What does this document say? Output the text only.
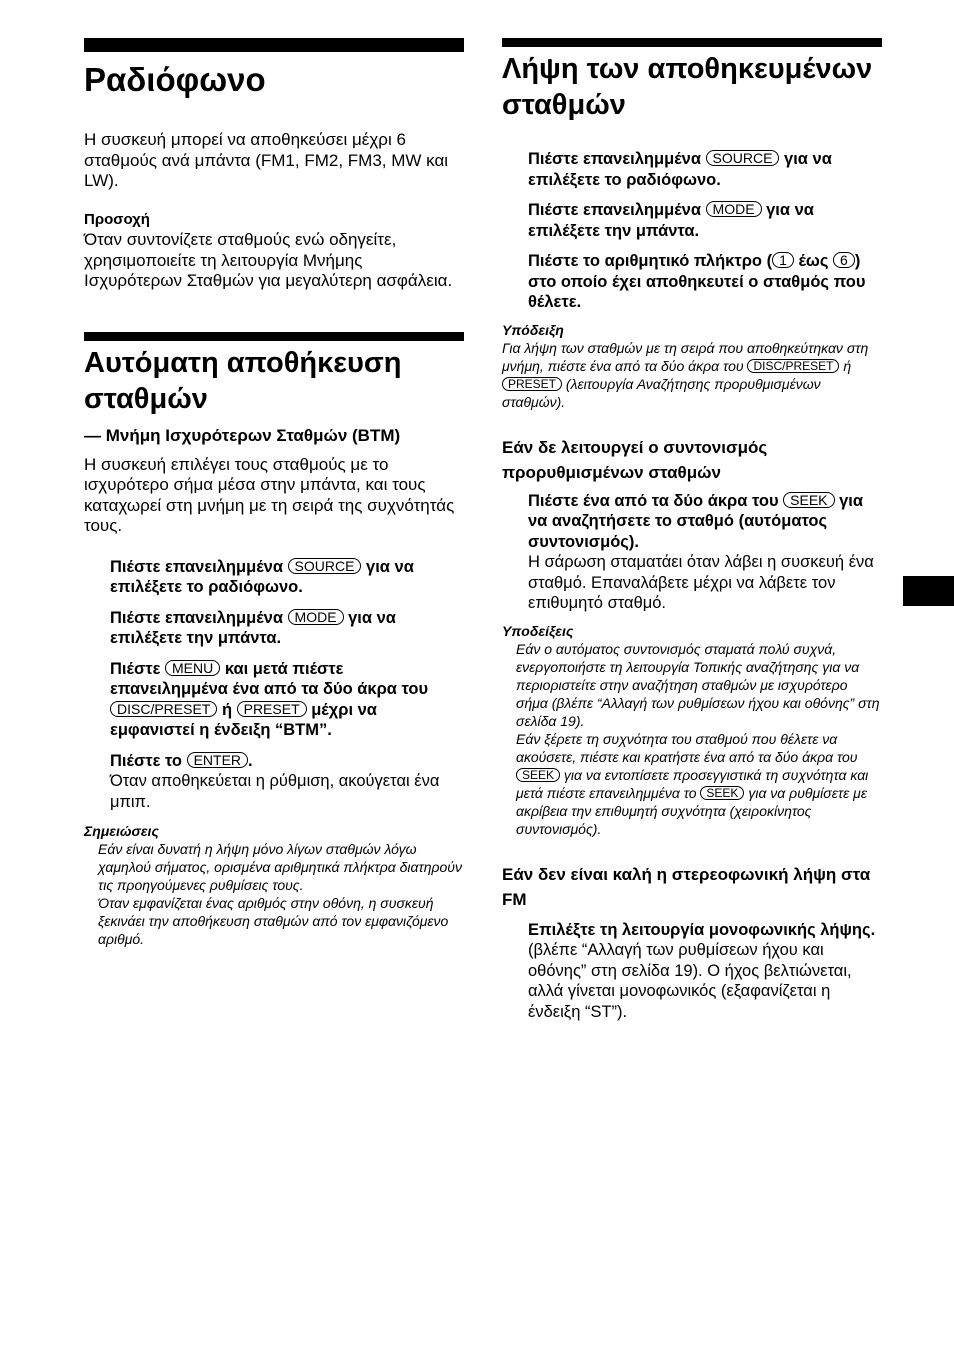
Ραδιόφωνο

Η συσκευή μπορεί να αποθηκεύσει μέχρι 6 σταθμούς ανά μπάντα (FM1, FM2, FM3, MW και LW).

Προσοχή

Όταν συντονίζετε σταθμούς ενώ οδηγείτε, χρησιμοποιείτε τη λειτουργία Μνήμης Ισχυρότερων Σταθμών για μεγαλύτερη ασφάλεια.

Αυτόματη αποθήκευση σταθμών

— Μνήμη Ισχυρότερων Σταθμών (BTM)

Η συσκευή επιλέγει τους σταθμούς με το ισχυρότερο σήμα μέσα στην μπάντα, και τους καταχωρεί στη μνήμη με τη σειρά της συχνότητάς τους.

Πιέστε επανειλημμένα SOURCE για να επιλέξετε το ραδιόφωνο.

Πιέστε επανειλημμένα MODE για να επιλέξετε την μπάντα.

Πιέστε MENU και μετά πιέστε επανειλημμένα ένα από τα δύο άκρα του DISC/PRESET ή PRESET μέχρι να εμφανιστεί η ένδειξη “BTM”.

Πιέστε το ENTER .
Όταν αποθηκεύεται η ρύθμιση, ακούγεται ένα μπιπ.

Σημειώσεις

Εάν είναι δυνατή η λήψη μόνο λίγων σταθμών λόγω χαμηλού σήματος, ορισμένα αριθμητικά πλήκτρα διατηρούν τις προηγούμενες ρυθμίσεις τους.

Όταν εμφανίζεται ένας αριθμός στην οθόνη, η συσκευή ξεκινάει την αποθήκευση σταθμών από τον εμφανιζόμενο αριθμό.

Λήψη των αποθηκευμένων σταθμών

Πιέστε επανειλημμένα SOURCE για να επιλέξετε το ραδιόφωνο.

Πιέστε επανειλημμένα MODE για να επιλέξετε την μπάντα.

Πιέστε το αριθμητικό πλήκτρο ( 1 έως 6 ) στο οποίο έχει αποθηκευτεί ο σταθμός που θέλετε.

Υπόδειξη

Για λήψη των σταθμών με τη σειρά που αποθηκεύτηκαν στη μνήμη, πιέστε ένα από τα δύο άκρα του DISC/PRESET ή PRESET (λειτουργία Αναζήτησης προρυθμισμένων σταθμών).

Εάν δε λειτουργεί ο συντονισμός προρυθμισμένων σταθμών

Πιέστε ένα από τα δύο άκρα του SEEK για να αναζητήσετε το σταθμό (αυτόματος συντονισμός).
Η σάρωση σταματάει όταν λάβει η συσκευή ένα σταθμό. Επαναλάβετε μέχρι να λάβετε τον επιθυμητό σταθμό.

Υποδείξεις

Εάν ο αυτόματος συντονισμός σταματά πολύ συχνά, ενεργοποιήστε τη λειτουργία Τοπικής αναζήτησης για να περιοριστείτε στην αναζήτηση σταθμών με ισχυρότερο σήμα (βλέπε “Αλλαγή των ρυθμίσεων ήχου και οθόνης” στη σελίδα 19).

Εάν ξέρετε τη συχνότητα του σταθμού που θέλετε να ακούσετε, πιέστε και κρατήστε ένα από τα δύο άκρα του SEEK για να εντοπίσετε προσεγγιστικά τη συχνότητα και μετά πιέστε επανειλημμένα το SEEK για να ρυθμίσετε με ακρίβεια την επιθυμητή συχνότητα (χειροκίνητος συντονισμός).

Εάν δεν είναι καλή η στερεοφωνική λήψη στα FM

Επιλέξτε τη λειτουργία μονοφωνικής λήψης.
(βλέπε “Αλλαγή των ρυθμίσεων ήχου και οθόνης” στη σελίδα 19). Ο ήχος βελτιώνεται, αλλά γίνεται μονοφωνικός (εξαφανίζεται η ένδειξη “ST”).
